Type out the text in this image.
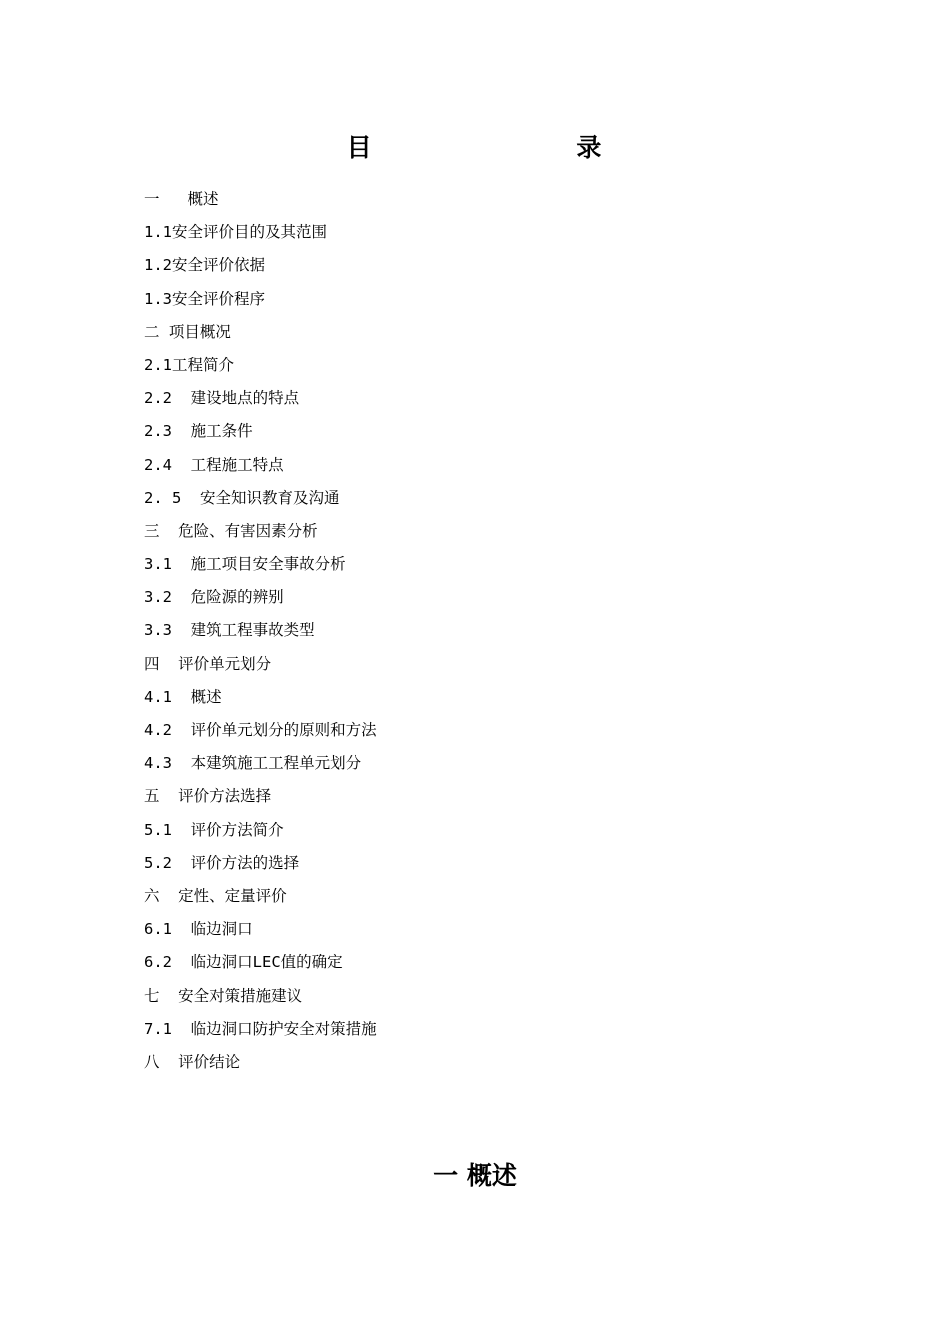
目    录
一   概述
1.1安全评价目的及其范围
1.2安全评价依据
1.3安全评价程序
二 项目概况
2.1工程简介
2.2  建设地点的特点
2.3  施工条件
2.4  工程施工特点
2. 5  安全知识教育及沟通
三  危险、有害因素分析
3.1  施工项目安全事故分析
3.2  危险源的辨别
3.3  建筑工程事故类型
四  评价单元划分
4.1  概述
4.2  评价单元划分的原则和方法
4.3  本建筑施工工程单元划分
五  评价方法选择
5.1  评价方法简介
5.2  评价方法的选择
六  定性、定量评价
6.1  临边洞口
6.2  临边洞口LEC值的确定
七  安全对策措施建议
7.1  临边洞口防护安全对策措施
八  评价结论
一 概述
